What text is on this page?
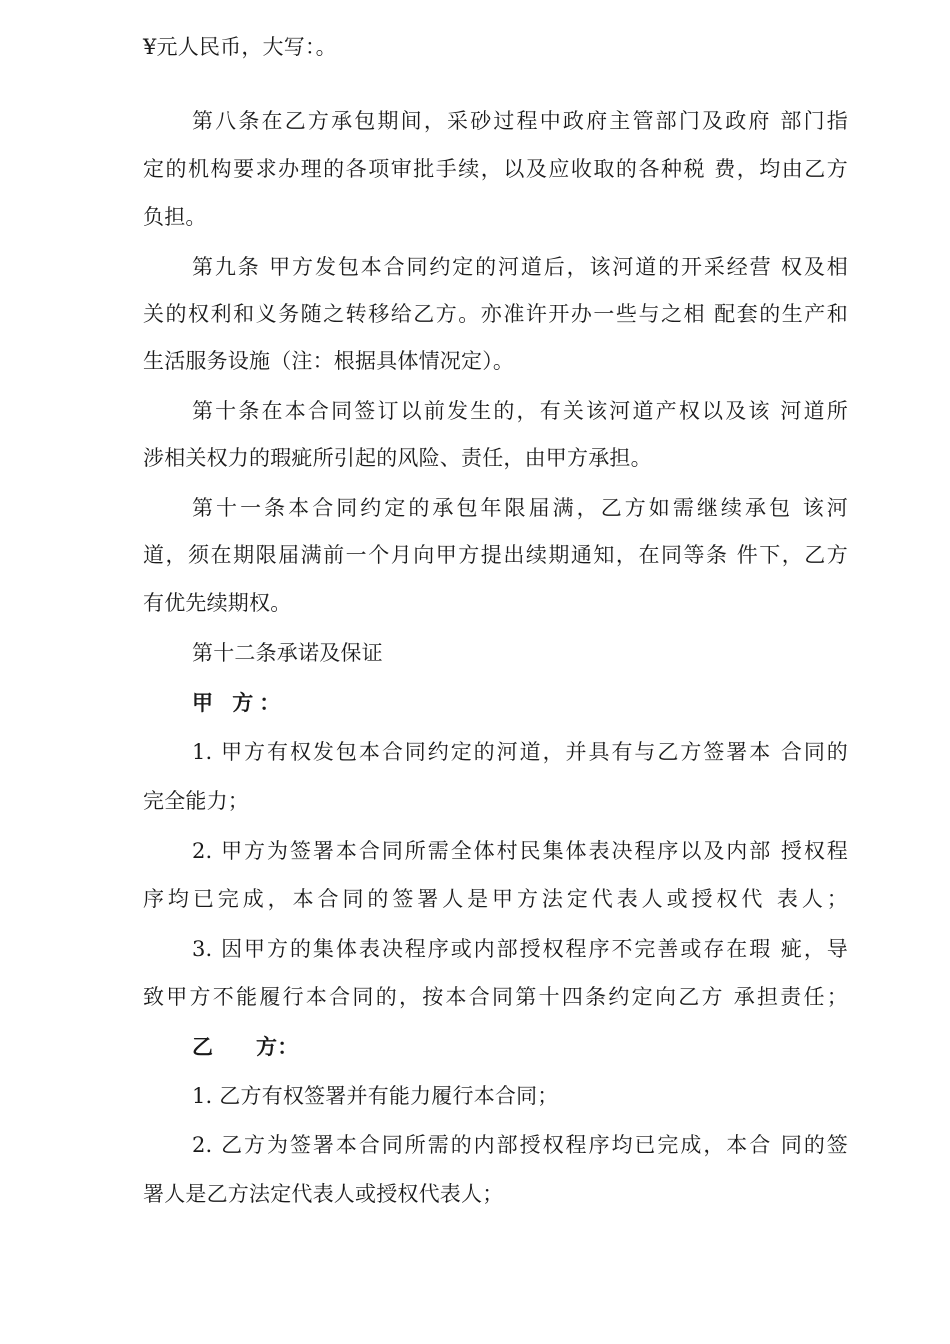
¥元人民币，大写：。
第八条在乙方承包期间，采砂过程中政府主管部门及政府 部门指
定的机构要求办理的各项审批手续，以及应收取的各种税 费，均由乙方
负担。
第九条 甲方发包本合同约定的河道后，该河道的开采经营 权及相
关的权利和义务随之转移给乙方。亦准许开办一些与之相 配套的生产和
生活服务设施（注：根据具体情况定）。
第十条在本合同签订以前发生的，有关该河道产权以及该 河道所
涉相关权力的瑕疵所引起的风险、责任，由甲方承担。
第十一条本合同约定的承包年限届满，乙方如需继续承包 该河
道，须在期限届满前一个月向甲方提出续期通知，在同等条 件下，乙方
有优先续期权。
第十二条承诺及保证
甲 方：
1. 甲方有权发包本合同约定的河道，并具有与乙方签署本 合同的
完全能力；
2. 甲方为签署本合同所需全体村民集体表决程序以及内部 授权程
序均已完成，本合同的签署人是甲方法定代表人或授权代 表人；
3. 因甲方的集体表决程序或内部授权程序不完善或存在瑕 疵，导
致甲方不能履行本合同的，按本合同第十四条约定向乙方 承担责任；
乙 方：
1. 乙方有权签署并有能力履行本合同；
2. 乙方为签署本合同所需的内部授权程序均已完成，本合 同的签
署人是乙方法定代表人或授权代表人；
